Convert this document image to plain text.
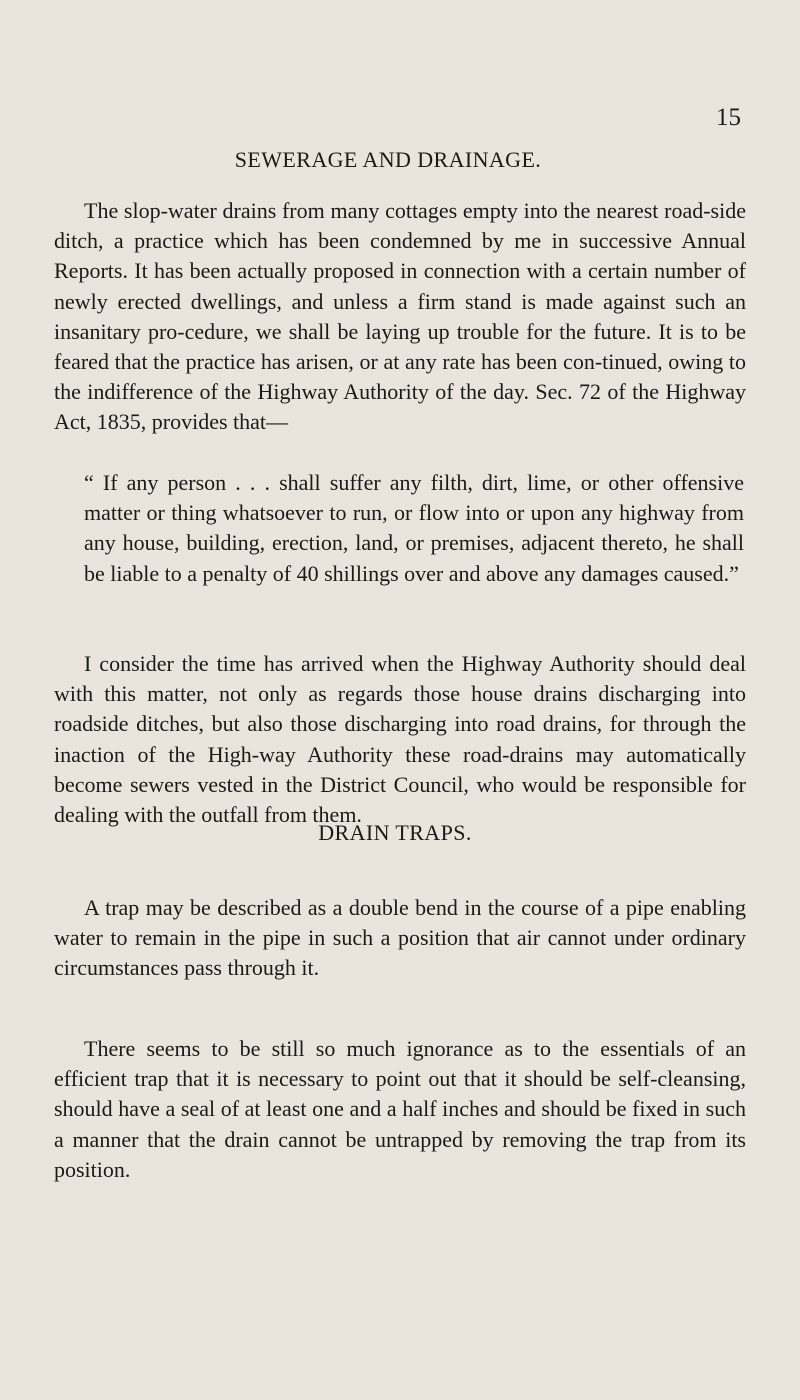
15
SEWERAGE AND DRAINAGE.

The slop-water drains from many cottages empty into the nearest road-side ditch, a practice which has been condemned by me in successive Annual Reports. It has been actually proposed in connection with a certain number of newly erected dwellings, and unless a firm stand is made against such an insanitary pro-cedure, we shall be laying up trouble for the future. It is to be feared that the practice has arisen, or at any rate has been con-tinued, owing to the indifference of the Highway Authority of the day. Sec. 72 of the Highway Act, 1835, provides that—

“ If any person . . . shall suffer any filth, dirt, lime, or other offensive matter or thing whatsoever to run, or flow into or upon any highway from any house, building, erection, land, or premises, adjacent thereto, he shall be liable to a penalty of 40 shillings over and above any damages caused.”

I consider the time has arrived when the Highway Authority should deal with this matter, not only as regards those house drains discharging into roadside ditches, but also those discharging into road drains, for through the inaction of the High-way Authority these road-drains may automatically become sewers vested in the District Council, who would be responsible for dealing with the outfall from them.

DRAIN TRAPS.

A trap may be described as a double bend in the course of a pipe enabling water to remain in the pipe in such a position that air cannot under ordinary circumstances pass through it.

There seems to be still so much ignorance as to the essentials of an efficient trap that it is necessary to point out that it should be self-cleansing, should have a seal of at least one and a half inches and should be fixed in such a manner that the drain cannot be untrapped by removing the trap from its position.
